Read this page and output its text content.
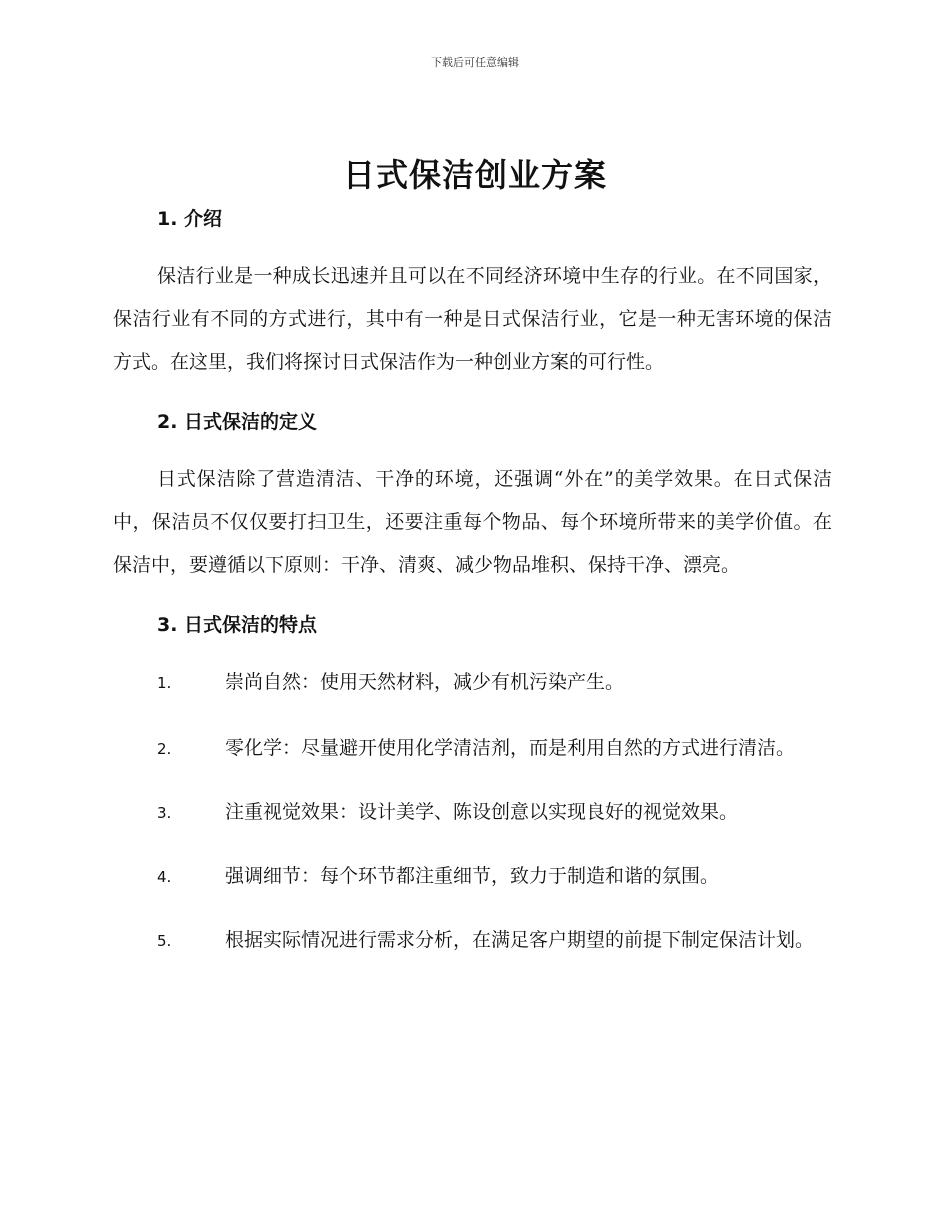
下载后可任意编辑
日式保洁创业方案

1. 介绍

保洁行业是一种成长迅速并且可以在不同经济环境中生存的行业。在不同国家，保洁行业有不同的方式进行，其中有一种是日式保洁行业，它是一种无害环境的保洁方式。在这里，我们将探讨日式保洁作为一种创业方案的可行性。

2. 日式保洁的定义

日式保洁除了营造清洁、干净的环境，还强调“外在”的美学效果。在日式保洁中，保洁员不仅仅要打扫卫生，还要注重每个物品、每个环境所带来的美学价值。在保洁中，要遵循以下原则：干净、清爽、减少物品堆积、保持干净、漂亮。

3. 日式保洁的特点

1.	崇尚自然：使用天然材料，减少有机污染产生。

2.	零化学：尽量避开使用化学清洁剂，而是利用自然的方式进行清洁。

3.	注重视觉效果：设计美学、陈设创意以实现良好的视觉效果。

4.	强调细节：每个环节都注重细节，致力于制造和谐的氛围。

5.	根据实际情况进行需求分析，在满足客户期望的前提下制定保洁计划。
